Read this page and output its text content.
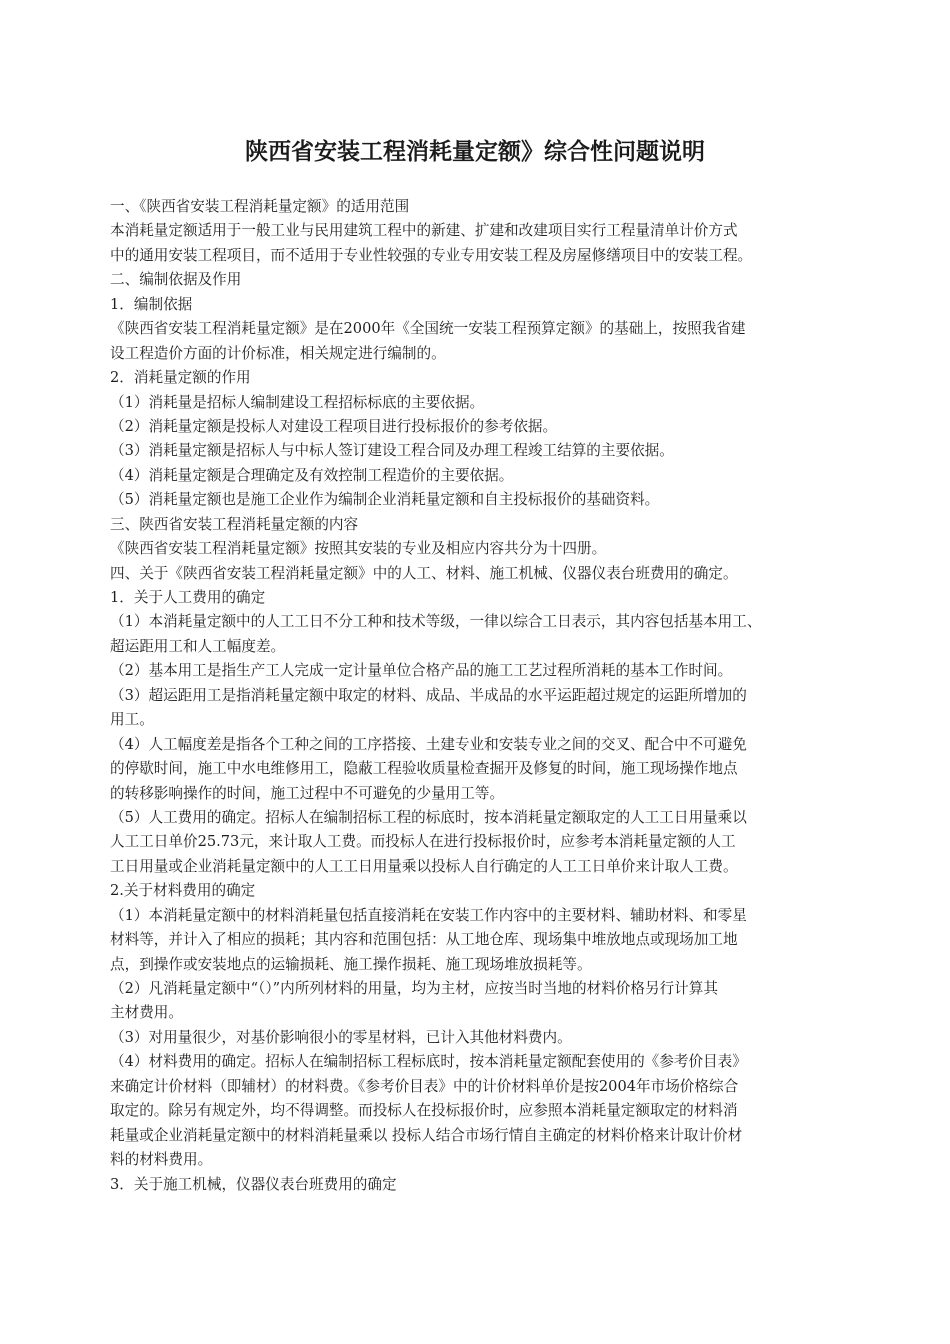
陕西省安装工程消耗量定额》综合性问题说明
一、《陕西省安装工程消耗量定额》的适用范围
本消耗量定额适用于一般工业与民用建筑工程中的新建、扩建和改建项目实行工程量清单计价方式
中的通用安装工程项目，而不适用于专业性较强的专业专用安装工程及房屋修缮项目中的安装工程。
二、编制依据及作用
1．编制依据
《陕西省安装工程消耗量定额》是在2000年《全国统一安装工程预算定额》的基础上，按照我省建
设工程造价方面的计价标准，相关规定进行编制的。
2．消耗量定额的作用
（1）消耗量是招标人编制建设工程招标标底的主要依据。
（2）消耗量定额是投标人对建设工程项目进行投标报价的参考依据。
（3）消耗量定额是招标人与中标人签订建设工程合同及办理工程竣工结算的主要依据。
（4）消耗量定额是合理确定及有效控制工程造价的主要依据。
（5）消耗量定额也是施工企业作为编制企业消耗量定额和自主投标报价的基础资料。
三、陕西省安装工程消耗量定额的内容
《陕西省安装工程消耗量定额》按照其安装的专业及相应内容共分为十四册。
四、关于《陕西省安装工程消耗量定额》中的人工、材料、施工机械、仪器仪表台班费用的确定。
1．关于人工费用的确定
（1）本消耗量定额中的人工工日不分工种和技术等级，一律以综合工日表示，其内容包括基本用工、
超运距用工和人工幅度差。
（2）基本用工是指生产工人完成一定计量单位合格产品的施工工艺过程所消耗的基本工作时间。
（3）超运距用工是指消耗量定额中取定的材料、成品、半成品的水平运距超过规定的运距所增加的
用工。
（4）人工幅度差是指各个工种之间的工序搭接、土建专业和安装专业之间的交叉、配合中不可避免
的停歇时间，施工中水电维修用工，隐蔽工程验收质量检查掘开及修复的时间，施工现场操作地点
的转移影响操作的时间，施工过程中不可避免的少量用工等。
（5）人工费用的确定。招标人在编制招标工程的标底时，按本消耗量定额取定的人工工日用量乘以
人工工日单价25.73元，来计取人工费。而投标人在进行投标报价时，应参考本消耗量定额的人工
工日用量或企业消耗量定额中的人工工日用量乘以投标人自行确定的人工工日单价来计取人工费。
2.关于材料费用的确定
（1）本消耗量定额中的材料消耗量包括直接消耗在安装工作内容中的主要材料、辅助材料、和零星
材料等，并计入了相应的损耗；其内容和范围包括：从工地仓库、现场集中堆放地点或现场加工地
点，到操作或安装地点的运输损耗、施工操作损耗、施工现场堆放损耗等。
（2）凡消耗量定额中“（）”内所列材料的用量，均为主材，应按当时当地的材料价格另行计算其
主材费用。
（3）对用量很少，对基价影响很小的零星材料，已计入其他材料费内。
（4）材料费用的确定。招标人在编制招标工程标底时，按本消耗量定额配套使用的《参考价目表》
来确定计价材料（即辅材）的材料费。《参考价目表》中的计价材料单价是按2004年市场价格综合
取定的。除另有规定外，均不得调整。而投标人在投标报价时，应参照本消耗量定额取定的材料消
耗量或企业消耗量定额中的材料消耗量乘以 投标人结合市场行情自主确定的材料价格来计取计价材
料的材料费用。
3．关于施工机械，仪器仪表台班费用的确定
